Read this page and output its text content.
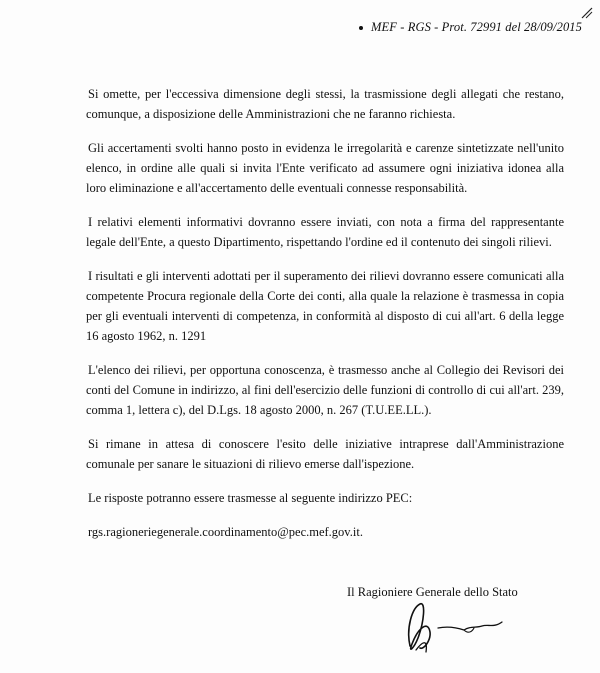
MEF - RGS - Prot. 72991 del 28/09/2015

Si omette, per l'eccessiva dimensione degli stessi, la trasmissione degli allegati che restano, comunque, a disposizione delle Amministrazioni che ne faranno richiesta.

Gli accertamenti svolti hanno posto in evidenza le irregolarità e carenze sintetizzate nell'unito elenco, in ordine alle quali si invita l'Ente verificato ad assumere ogni iniziativa idonea alla loro eliminazione e all'accertamento delle eventuali connesse responsabilità.

I relativi elementi informativi dovranno essere inviati, con nota a firma del rappresentante legale dell'Ente, a questo Dipartimento, rispettando l'ordine ed il contenuto dei singoli rilievi.

I risultati e gli interventi adottati per il superamento dei rilievi dovranno essere comunicati alla competente Procura regionale della Corte dei conti, alla quale la relazione è trasmessa in copia per gli eventuali interventi di competenza, in conformità al disposto di cui all'art. 6 della legge 16 agosto 1962, n. 1291

L'elenco dei rilievi, per opportuna conoscenza, è trasmesso anche al Collegio dei Revisori dei conti del Comune in indirizzo, al fini dell'esercizio delle funzioni di controllo di cui all'art. 239, comma 1, lettera c), del D.Lgs. 18 agosto 2000, n. 267 (T.U.EE.LL.).

Si rimane in attesa di conoscere l'esito delle iniziative intraprese dall'Amministrazione comunale per sanare le situazioni di rilievo emerse dall'ispezione.

Le risposte potranno essere trasmesse al seguente indirizzo PEC:

rgs.ragioneriegenerale.coordinamento@pec.mef.gov.it.

Il Ragioniere Generale dello Stato
